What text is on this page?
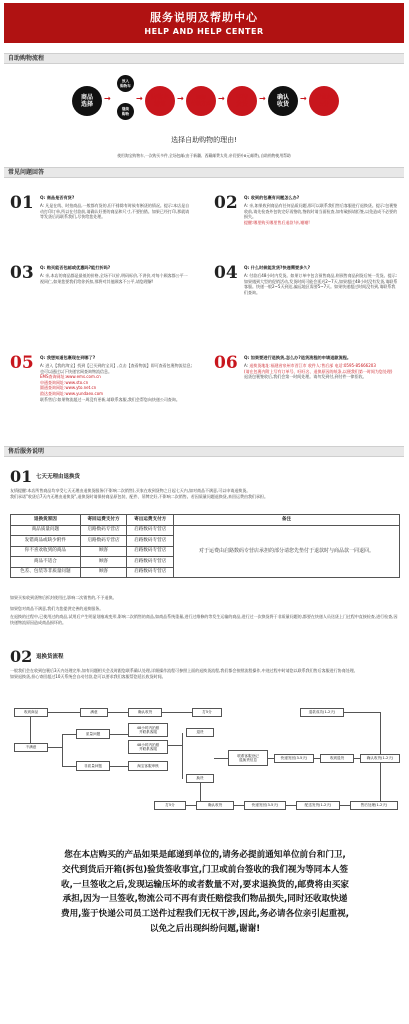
服务说明及帮助中心
HELP AND HELP CENTER
自助购物流程
商品
选择
→
放入
购物车
继续
购物
→ 购物车
结算
→	选择
付款方式
→ 等待
发货
→ 确认
收货
→ 满意给
5分
选择自助购物的理由!
使用淘宝购物车,一次购买多件,全场包邮(由于新疆、西藏邮费太贵,亲们要补8元邮费),自助购物使用帮助
常见问题回答
01 Q: 商品是否有货?
A: 凡是在线、时拍商品,一般都有货的,但不排除有时候有断货的情况。提示:本店是自动打印订单,所以在付款前,请确认好要的商品和尺寸,不要拍错。如果已经打印,那就请等发货后再联系我们,尽快给您处理。
02 Q: 收到的包裹有问题怎么办?
A: 亲,如果收到商品有任何品质问题,那可以联系我们售后客服进行退换货。提示:包裹签收前,请先检查外包装完好再签收,签收时请当面检查,如有破损请拒签,以免造成不必要的损失。
提醒:哪里购买哪里售后退款!亲,谢谢!
03 Q: 购买能否包邮或优惠吗?能打折吗?
A: 亲,本店的商品都是最低的价格,全场不议价,明码标价,不讲价,对每个顾客都公平一视同仁,如果您要我们给你折扣,那将对其他顾客不公平,请您理解!	04 Q: 什么时候能发货?快递需要多久?
A: 付款后48小时内发货。如果订单中包含预售商品,则预售商品到货后统一发货。提示:如果遇到大型的促销活动,发货时间可能会延迟2~7天,如果超过48小时没有发货,请联系客服。快递一般2~5天到达,偏远地区需要5~7天。如果快递超过时间没有到,请联系我们查询。
05 Q: 我想知道包裹现在到哪了?
A: 进入【我的淘宝】找到【已买到的宝贝】,点击【查看物流】即可查看包裹物流信息;也可以通过以下快递官网查询物流信息。
EMS查询网址:www.ems.com.cn
申通查询网址:www.sto.cn
圆通查询网址:www.yto.net.cn
韵达查询网址:www.yundaex.com
联系售后:如果物流超过一周没有更新,请联系客服,我们会帮您向快递公司查询。
06 Q: 如果要进行退换货,怎么办?退货流程的申请退款流程。
A: 退换货地址:福建省泉州市晋江市 收件人:售后部 电话:0595-85666203
(请在包裹内附上写有订单号、旺旺名、退换原因的纸条,以便我们第一时间为您处理)
退货包裹签收后,我们会第一时间处理。请勿发到付,到付件一律拒收。
售后服务说明
01 七天无理由退换货
友情提醒:本店所售商品均享受七天无理由退换货服务(不影响二次销售),买家在收到货物之日起七天内,如对商品不满意,可以申请退换货。
我们承诺"收货后7天内无理由退换货",退换货时请保持商品原包装、配件、吊牌完好,不影响二次销售。若因质量问题退换货,来回运费由我们承担。
退换货原因	寄回运费支付方	寄出运费支付方	备注
商品质量问题	启路数码专营店	启路数码专营店	对于运费由启路数码专营店承担的部分请您先垫付于退款时与商品款一同退回。
发错商品或缺少附件	启路数码专营店	启路数码专营店	
你不喜欢收到的商品	顾客	启路数码专营店	
商品不适合	顾客	启路数码专营店	
色差、包装等非质量问题	顾客	启路数码专营店	
如果买家收到货物后拆封使用过,影响二次销售的,不予退换。
如果您对商品不满意,我们为您提供完善的退换服务。
在退换的过程中,已使用过的商品,试用后产生明显划痕或变形,影响二次销售的商品,如商品系统重量,进行过维修的等发生运输的商品,进行过一次换货将于非质量问题的,都要在快递人员送货上门过程中直接检查,进行检查,因快递物流原因造成商品损坏的。
02 退换货流程
一般我们会在收到包裹后3天内处理完毕,如有问题相关会及时跟您联系确认处理,详细操作流程可参照上面的退换货流程,我们都会按照流程操作,中途过程中时请您以联系我们售后客服进行协商处理。
如果退换货,担心寄回超过10天系统会自动付款,您可以要求我们客服帮您延长收货时间。
收到商品	满意	确认收货	打5分
不满意
质量问题
非质量问题
48小时内拍照
并联系客服
48小时内拍照
并联系客服
淘宝客服审核
退货
换货
联系客服登记
退换货信息	快递发回(3-5天)	收到退货	确认收货(1-2天)
退款成功(1-2天)
售后处理(1-2天)
配送发货(1-2天)
快递发回(3-5天)
确认收货
打5分
您在本店购买的产品如果是邮递到单位的,请务必提前通知单位前台和门卫,交代到货后开箱(拆包)验货签收事宜,门卫或前台签收的我们视为等同本人签收,一旦签收之后,发现运输压坏的或者数量不对,要求退换货的,邮费将由买家承担,因为一旦签收,物流公司不再有责任赔偿我们物品损失,同时还收取快递费用,鉴于快递公司员工送件过程我们无权干涉,因此,务必请各位亲引起重视,以免之后出现纠纷问题,谢谢!
